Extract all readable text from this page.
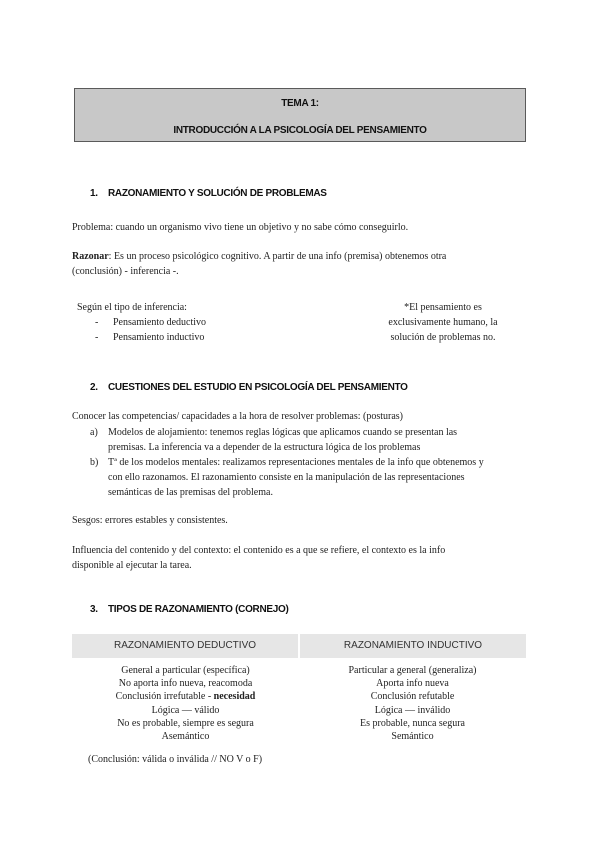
TEMA 1:
INTRODUCCIÓN A LA PSICOLOGÍA DEL PENSAMIENTO
1. RAZONAMIENTO Y SOLUCIÓN DE PROBLEMAS
Problema: cuando un organismo vivo tiene un objetivo y no sabe cómo conseguirlo.
Razonar: Es un proceso psicológico cognitivo. A partir de una info (premisa) obtenemos otra
(conclusión) - inferencia -.
Según el tipo de inferencia:
- Pensamiento deductivo
- Pensamiento inductivo
*El pensamiento es
exclusivamente humano, la
solución de problemas no.
2. CUESTIONES DEL ESTUDIO EN PSICOLOGÍA DEL PENSAMIENTO
Conocer las competencias/ capacidades a la hora de resolver problemas: (posturas)
a) Modelos de alojamiento: tenemos reglas lógicas que aplicamos cuando se presentan las
premisas. La inferencia va a depender de la estructura lógica de los problemas
b) Tª de los modelos mentales: realizamos representaciones mentales de la info que obtenemos y
con ello razonamos. El razonamiento consiste en la manipulación de las representaciones
semánticas de las premisas del problema.
Sesgos: errores estables y consistentes.
Influencia del contenido y del contexto: el contenido es a que se refiere, el contexto es la info
disponible al ejecutar la tarea.
3. TIPOS DE RAZONAMIENTO (CORNEJO)
RAZONAMIENTO DEDUCTIVO	RAZONAMIENTO INDUCTIVO
General a particular (específica)
No aporta info nueva, reacomoda
Conclusión irrefutable - necesidad
Lógica — válido
No es probable, siempre es segura
Asemántico
Particular a general (generaliza)
Aporta info nueva
Conclusión refutable
Lógica — inválido
Es probable, nunca segura
Semántico
(Conclusión: válida o inválida // NO V o F)
